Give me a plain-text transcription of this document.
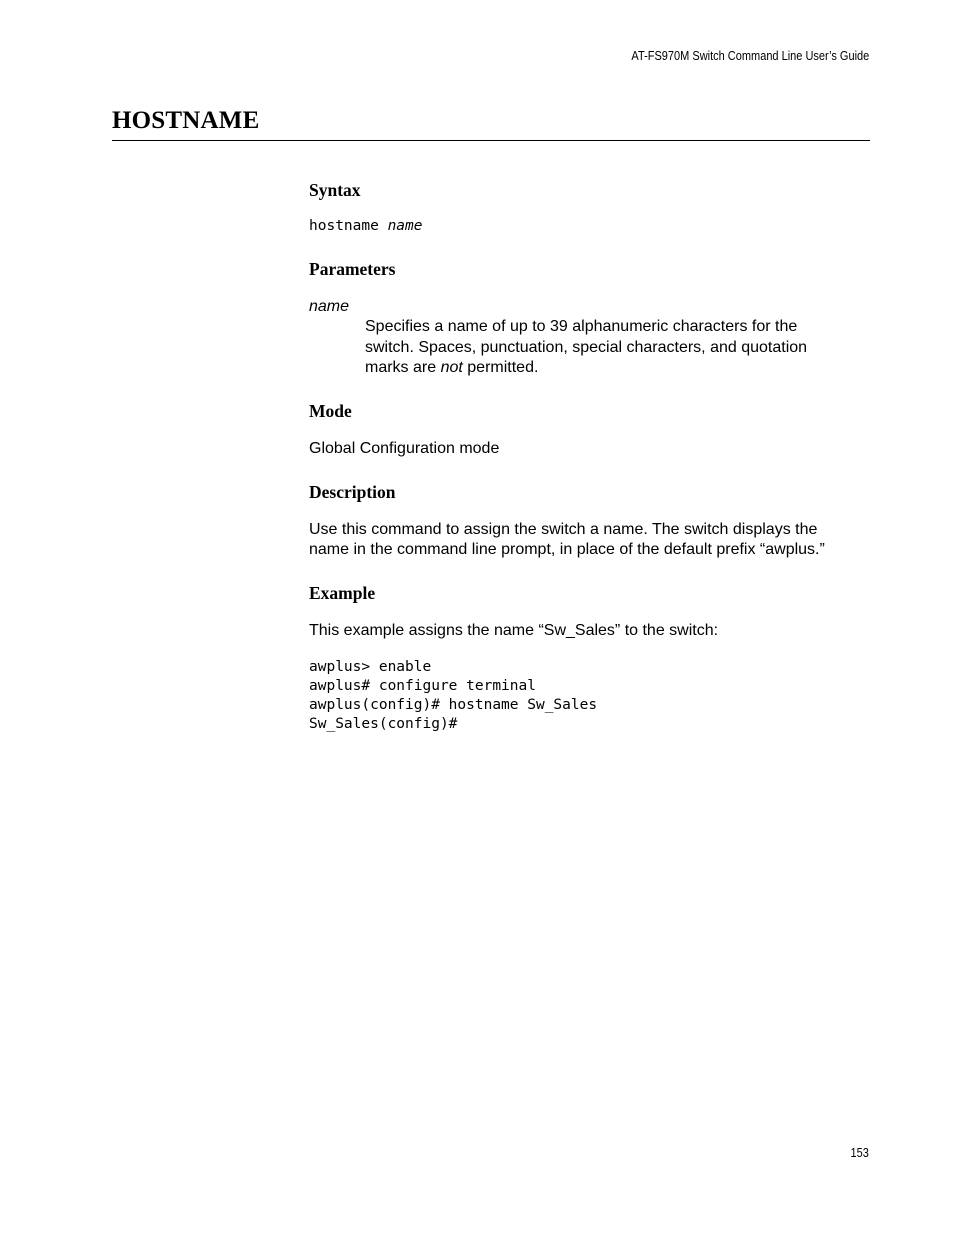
AT-FS970M Switch Command Line User’s Guide
HOSTNAME
Syntax
hostname name
Parameters
name
Specifies a name of up to 39 alphanumeric characters for the
switch. Spaces, punctuation, special characters, and quotation
marks are not permitted.
Mode
Global Configuration mode
Description
Use this command to assign the switch a name. The switch displays the
name in the command line prompt, in place of the default prefix “awplus.”
Example
This example assigns the name “Sw_Sales” to the switch:
awplus> enable
awplus# configure terminal
awplus(config)# hostname Sw_Sales
Sw_Sales(config)#
153
